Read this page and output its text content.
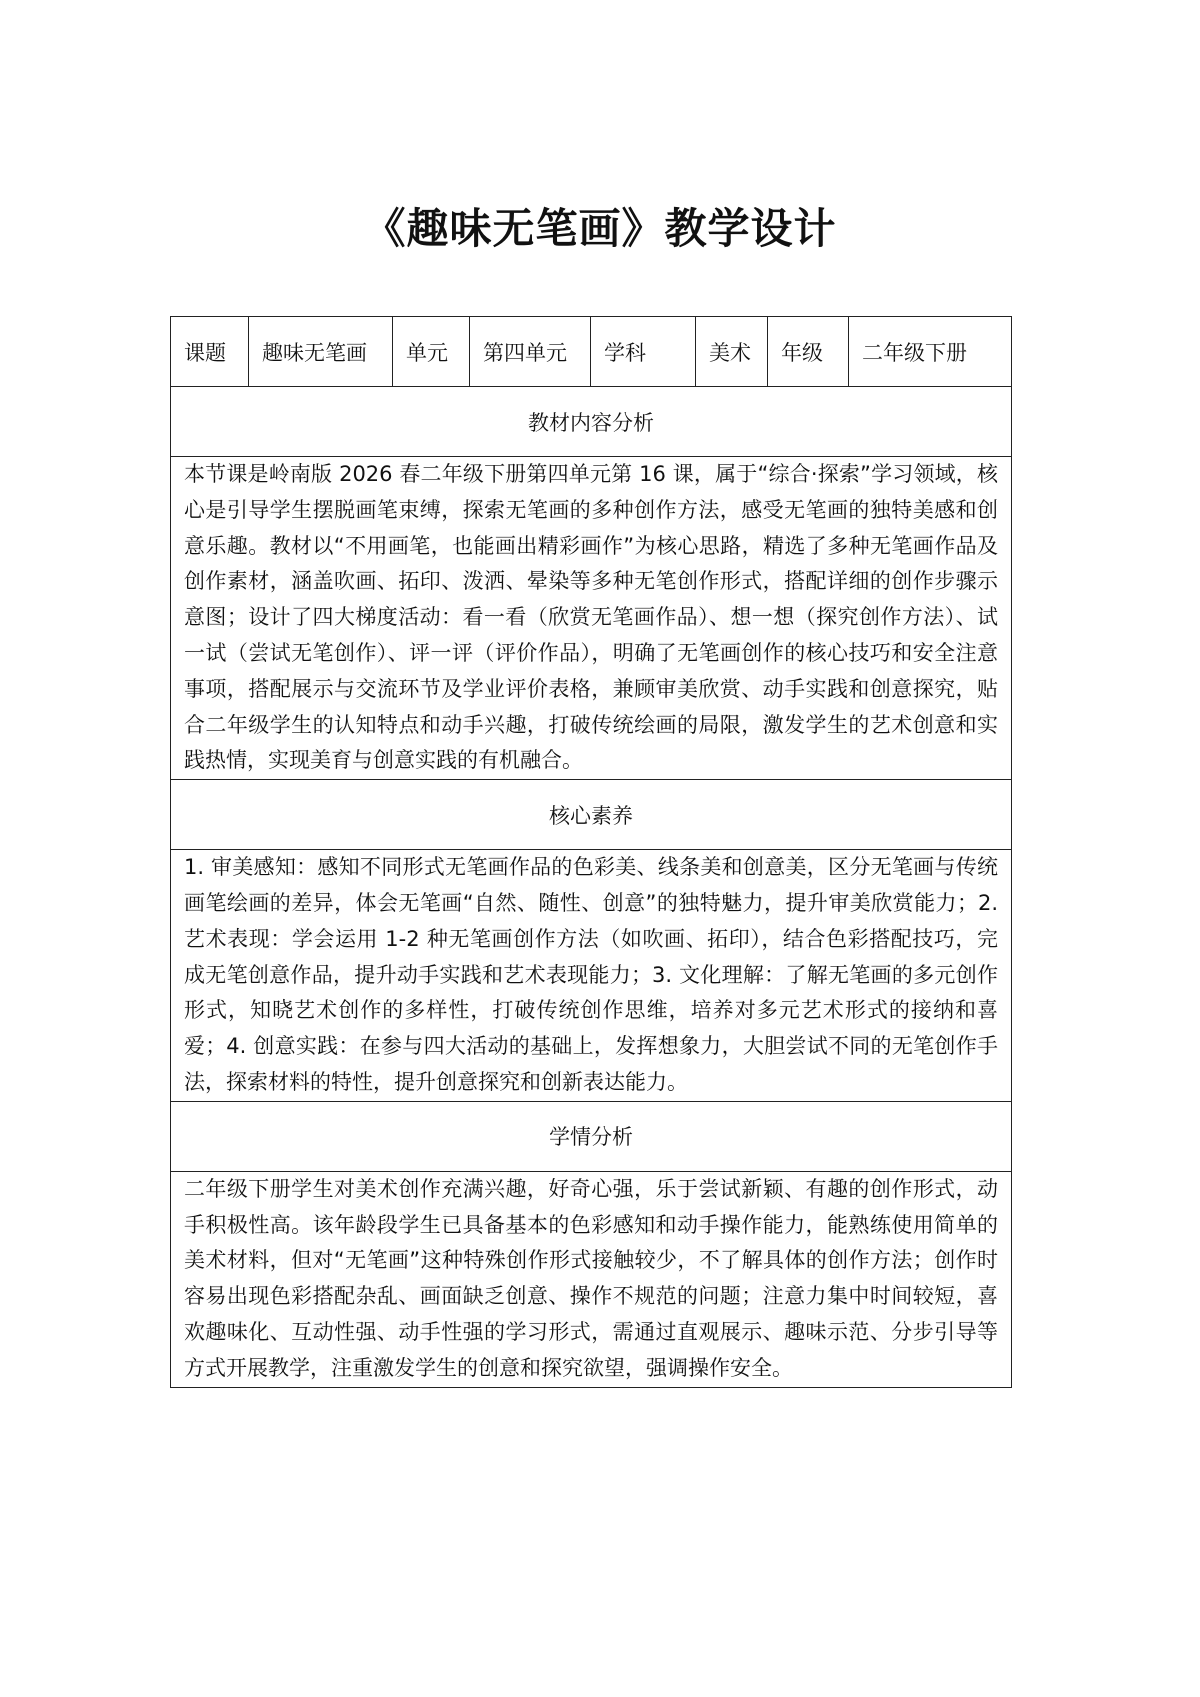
《趣味无笔画》教学设计
课题	趣味无笔画	单元	第四单元	学科	美术	年级	二年级下册
教材内容分析
本节课是岭南版 2026 春二年级下册第四单元第 16 课，属于“综合·探索”学习领域，核心是引导学生摆脱画笔束缚，探索无笔画的多种创作方法，感受无笔画的独特美感和创意乐趣。教材以“不用画笔，也能画出精彩画作”为核心思路，精选了多种无笔画作品及创作素材，涵盖吹画、拓印、泼洒、晕染等多种无笔创作形式，搭配详细的创作步骤示意图；设计了四大梯度活动：看一看（欣赏无笔画作品）、想一想（探究创作方法）、试一试（尝试无笔创作）、评一评（评价作品），明确了无笔画创作的核心技巧和安全注意事项，搭配展示与交流环节及学业评价表格，兼顾审美欣赏、动手实践和创意探究，贴合二年级学生的认知特点和动手兴趣，打破传统绘画的局限，激发学生的艺术创意和实践热情，实现美育与创意实践的有机融合。
核心素养
1. 审美感知：感知不同形式无笔画作品的色彩美、线条美和创意美，区分无笔画与传统画笔绘画的差异，体会无笔画“自然、随性、创意”的独特魅力，提升审美欣赏能力；2. 艺术表现：学会运用 1-2 种无笔画创作方法（如吹画、拓印），结合色彩搭配技巧，完成无笔创意作品，提升动手实践和艺术表现能力；3. 文化理解：了解无笔画的多元创作形式，知晓艺术创作的多样性，打破传统创作思维，培养对多元艺术形式的接纳和喜爱；4. 创意实践：在参与四大活动的基础上，发挥想象力，大胆尝试不同的无笔创作手法，探索材料的特性，提升创意探究和创新表达能力。
学情分析
二年级下册学生对美术创作充满兴趣，好奇心强，乐于尝试新颖、有趣的创作形式，动手积极性高。该年龄段学生已具备基本的色彩感知和动手操作能力，能熟练使用简单的美术材料，但对“无笔画”这种特殊创作形式接触较少，不了解具体的创作方法；创作时容易出现色彩搭配杂乱、画面缺乏创意、操作不规范的问题；注意力集中时间较短，喜欢趣味化、互动性强、动手性强的学习形式，需通过直观展示、趣味示范、分步引导等方式开展教学，注重激发学生的创意和探究欲望，强调操作安全。
